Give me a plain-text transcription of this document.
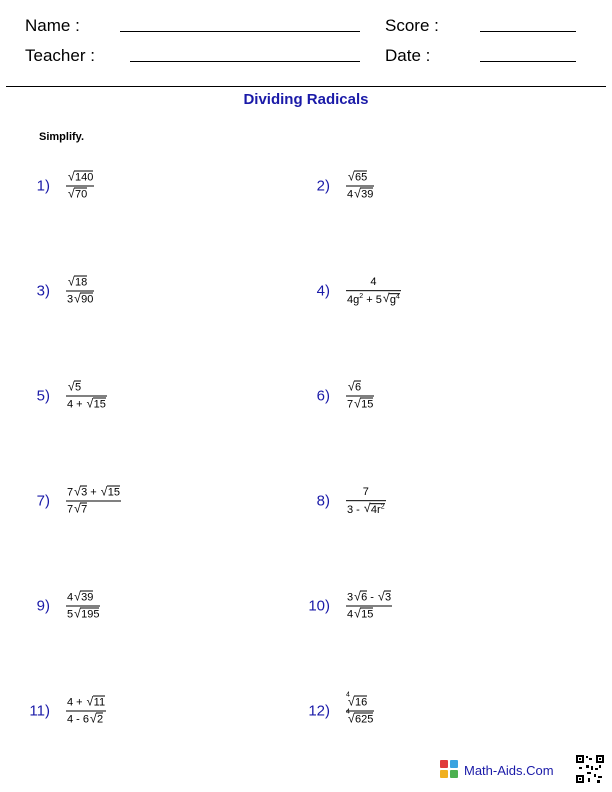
Name :	Score :
Teacher :	Date :
Dividing Radicals
Simplify.
1)
√	140
√ 70	2)
√	65
4√ 39
3)
√	18
3√ 90	4)
4
$4g^2 + 5√$ $g^4$
5)
√	5
4 + √ 15	6)
√	6
7√ 15
7) 7√ 3 + √ 15
7√ 7	8)
7
3 - √ $4r^2$
9) 4√ 39
5√ 195	10) 3√ 6 - √ 3
4√ 15
11) 4 + √ 11
4 - 6√ 2	12)
√ 4
16
√ 4
625
Math-Aids.Com
